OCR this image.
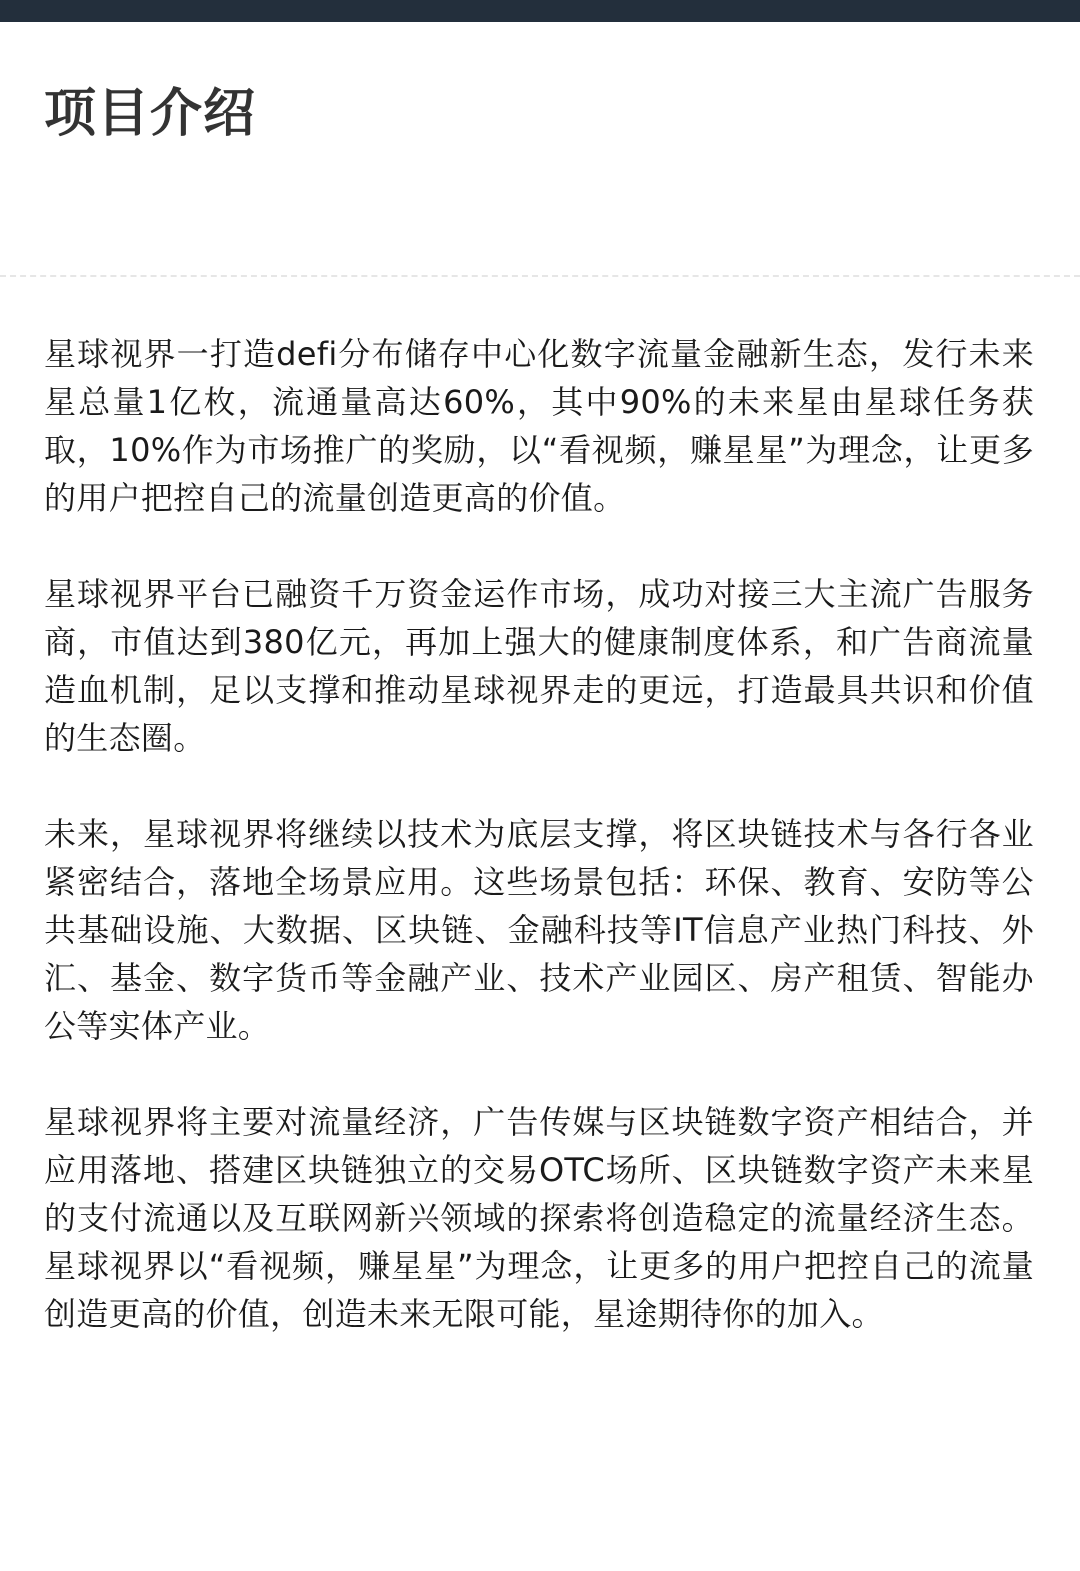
项目介绍

星球视界一打造defi分布储存中心化数字流量金融新生态，发行未来星总量1亿枚，流通量高达60%，其中90%的未来星由星球任务获取，10%作为市场推广的奖励，以“看视频，赚星星”为理念，让更多的用户把控自己的流量创造更高的价值。

星球视界平台已融资千万资金运作市场，成功对接三大主流广告服务商，市值达到380亿元，再加上强大的健康制度体系，和广告商流量造血机制，足以支撑和推动星球视界走的更远，打造最具共识和价值的生态圈。

未来，星球视界将继续以技术为底层支撑，将区块链技术与各行各业紧密结合，落地全场景应用。这些场景包括：环保、教育、安防等公共基础设施、大数据、区块链、金融科技等IT信息产业热门科技、外汇、基金、数字货币等金融产业、技术产业园区、房产租赁、智能办公等实体产业。

星球视界将主要对流量经济，广告传媒与区块链数字资产相结合，并应用落地、搭建区块链独立的交易OTC场所、区块链数字资产未来星的支付流通以及互联网新兴领域的探索将创造稳定的流量经济生态。星球视界以“看视频，赚星星”为理念，让更多的用户把控自己的流量创造更高的价值，创造未来无限可能，星途期待你的加入。
